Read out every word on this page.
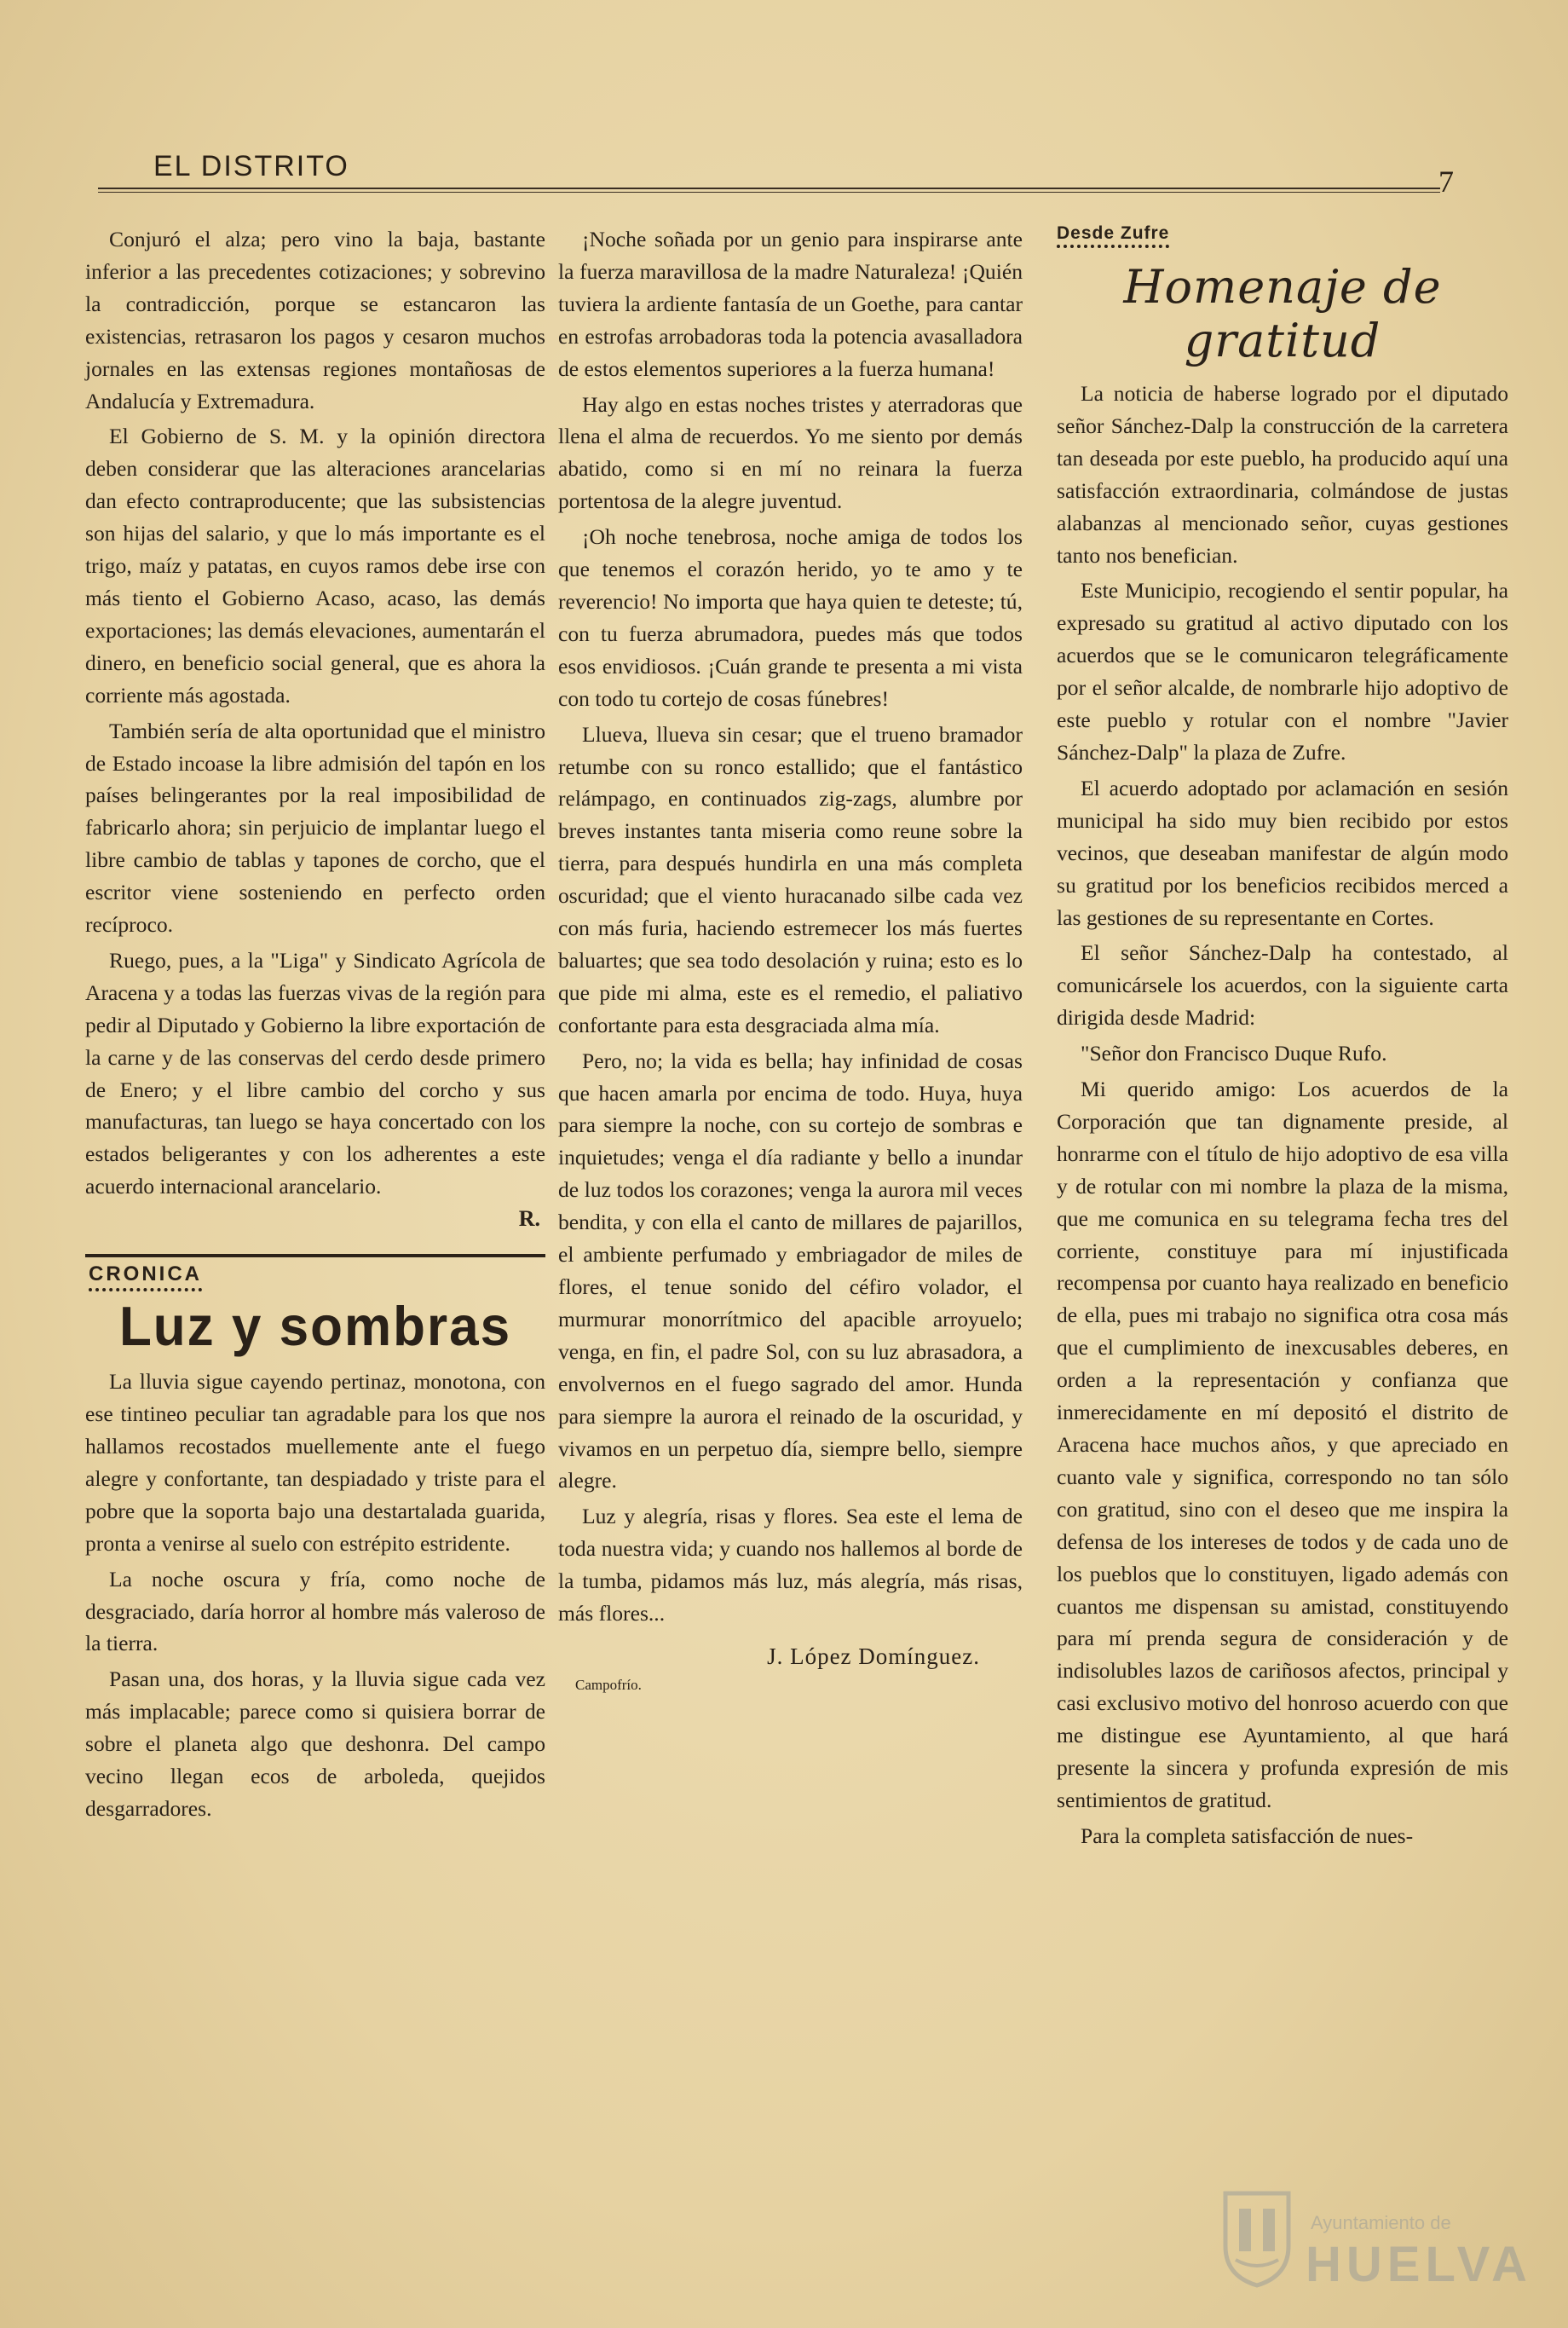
EL DISTRITO	7

Conjuró el alza; pero vino la baja, bastante inferior a las precedentes cotizaciones; y sobrevino la contradicción, porque se estancaron las existencias, retrasaron los pagos y cesaron muchos jornales en las extensas regiones montañosas de Andalucía y Extremadura.

El Gobierno de S. M. y la opinión directora deben considerar que las alteraciones arancelarias dan efecto contraproducente; que las subsistencias son hijas del salario, y que lo más importante es el trigo, maíz y patatas, en cuyos ramos debe irse con más tiento el Gobierno Acaso, acaso, las demás exportaciones; las demás elevaciones, aumentarán el dinero, en beneficio social general, que es ahora la corriente más agostada.

También sería de alta oportunidad que el ministro de Estado incoase la libre admisión del tapón en los países belingerantes por la real imposibilidad de fabricarlo ahora; sin perjuicio de implantar luego el libre cambio de tablas y tapones de corcho, que el escritor viene sosteniendo en perfecto orden recíproco.

Ruego, pues, a la "Liga" y Sindicato Agrícola de Aracena y a todas las fuerzas vivas de la región para pedir al Diputado y Gobierno la libre exportación de la carne y de las conservas del cerdo desde primero de Enero; y el libre cambio del corcho y sus manufacturas, tan luego se haya concertado con los estados beligerantes y con los adherentes a este acuerdo internacional arancelario.

R.
CRONICA
Luz y sombras

La lluvia sigue cayendo pertinaz, monotona, con ese tintineo peculiar tan agradable para los que nos hallamos recostados muellemente ante el fuego alegre y confortante, tan despiadado y triste para el pobre que la soporta bajo una destartalada guarida, pronta a venirse al suelo con estrépito estridente.

La noche oscura y fría, como noche de desgraciado, daría horror al hombre más valeroso de la tierra.

Pasan una, dos horas, y la lluvia sigue cada vez más implacable; parece como si quisiera borrar de sobre el planeta algo que deshonra. Del campo vecino llegan ecos de arboleda, quejidos desgarradores.

¡Noche soñada por un genio para inspirarse ante la fuerza maravillosa de la madre Naturaleza! ¡Quién tuviera la ardiente fantasía de un Goethe, para cantar en estrofas arrobadoras toda la potencia avasalladora de estos elementos superiores a la fuerza humana!

Hay algo en estas noches tristes y aterradoras que llena el alma de recuerdos. Yo me siento por demás abatido, como si en mí no reinara la fuerza portentosa de la alegre juventud.

¡Oh noche tenebrosa, noche amiga de todos los que tenemos el corazón herido, yo te amo y te reverencio! No importa que haya quien te deteste; tú, con tu fuerza abrumadora, puedes más que todos esos envidiosos. ¡Cuán grande te presenta a mi vista con todo tu cortejo de cosas fúnebres!

Llueva, llueva sin cesar; que el trueno bramador retumbe con su ronco estallido; que el fantástico relámpago, en continuados zig-zags, alumbre por breves instantes tanta miseria como reune sobre la tierra, para después hundirla en una más completa oscuridad; que el viento huracanado silbe cada vez con más furia, haciendo estremecer los más fuertes baluartes; que sea todo desolación y ruina; esto es lo que pide mi alma, este es el remedio, el paliativo confortante para esta desgraciada alma mía.

Pero, no; la vida es bella; hay infinidad de cosas que hacen amarla por encima de todo. Huya, huya para siempre la noche, con su cortejo de sombras e inquietudes; venga el día radiante y bello a inundar de luz todos los corazones; venga la aurora mil veces bendita, y con ella el canto de millares de pajarillos, el ambiente perfumado y embriagador de miles de flores, el tenue sonido del céfiro volador, el murmurar monorrítmico del apacible arroyuelo; venga, en fin, el padre Sol, con su luz abrasadora, a envolvernos en el fuego sagrado del amor. Hunda para siempre la aurora el reinado de la oscuridad, y vivamos en un perpetuo día, siempre bello, siempre alegre.

Luz y alegría, risas y flores. Sea este el lema de toda nuestra vida; y cuando nos hallemos al borde de la tumba, pidamos más luz, más alegría, más risas, más flores...

J. López Domínguez.
Campofrío.
Desde Zufre
Homenaje de gratitud

La noticia de haberse logrado por el diputado señor Sánchez-Dalp la construcción de la carretera tan deseada por este pueblo, ha producido aquí una satisfacción extraordinaria, colmándose de justas alabanzas al mencionado señor, cuyas gestiones tanto nos benefician.

Este Municipio, recogiendo el sentir popular, ha expresado su gratitud al activo diputado con los acuerdos que se le comunicaron telegráficamente por el señor alcalde, de nombrarle hijo adoptivo de este pueblo y rotular con el nombre "Javier Sánchez-Dalp" la plaza de Zufre.

El acuerdo adoptado por aclamación en sesión municipal ha sido muy bien recibido por estos vecinos, que deseaban manifestar de algún modo su gratitud por los beneficios recibidos merced a las gestiones de su representante en Cortes.

El señor Sánchez-Dalp ha contestado, al comunicársele los acuerdos, con la siguiente carta dirigida desde Madrid:

"Señor don Francisco Duque Rufo.

Mi querido amigo: Los acuerdos de la Corporación que tan dignamente preside, al honrarme con el título de hijo adoptivo de esa villa y de rotular con mi nombre la plaza de la misma, que me comunica en su telegrama fecha tres del corriente, constituye para mí injustificada recompensa por cuanto haya realizado en beneficio de ella, pues mi trabajo no significa otra cosa más que el cumplimiento de inexcusables deberes, en orden a la representación y confianza que inmerecidamente en mí depositó el distrito de Aracena hace muchos años, y que apreciado en cuanto vale y significa, correspondo no tan sólo con gratitud, sino con el deseo que me inspira la defensa de los intereses de todos y de cada uno de los pueblos que lo constituyen, ligado además con cuantos me dispensan su amistad, constituyendo para mí prenda segura de consideración y de indisolubles lazos de cariñosos afectos, principal y casi exclusivo motivo del honroso acuerdo con que me distingue ese Ayuntamiento, al que hará presente la sincera y profunda expresión de mis sentimientos de gratitud.

Para la completa satisfacción de nues-

Ayuntamiento de
HUELVA
